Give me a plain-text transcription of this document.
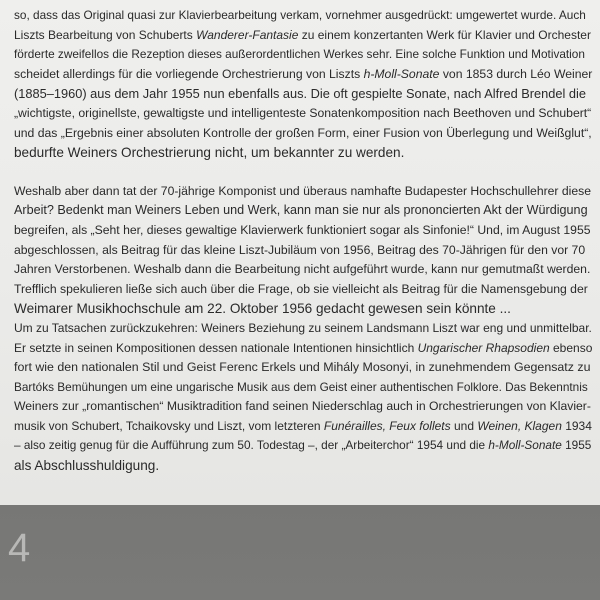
so, dass das Original quasi zur Klavierbearbeitung verkam, vornehmer ausgedrückt: umgewertet wurde. Auch
Liszts Bearbeitung von Schuberts Wanderer-Fantasie zu einem konzertanten Werk für Klavier und Orchester
förderte zweifellos die Rezeption dieses außerordentlichen Werkes sehr. Eine solche Funktion und Motivation
scheidet allerdings für die vorliegende Orchestrierung von Liszts h-Moll-Sonate von 1853 durch Léo Weiner
(1885–1960) aus dem Jahr 1955 nun ebenfalls aus. Die oft gespielte Sonate, nach Alfred Brendel die
„wichtigste, originellste, gewaltigste und intelligenteste Sonatenkomposition nach Beethoven und Schubert“
und das „Ergebnis einer absoluten Kontrolle der großen Form, einer Fusion von Überlegung und Weißglut“,
bedurfte Weiners Orchestrierung nicht, um bekannter zu werden.
Weshalb aber dann tat der 70-jährige Komponist und überaus namhafte Budapester Hochschullehrer diese
Arbeit? Bedenkt man Weiners Leben und Werk, kann man sie nur als prononcierten Akt der Würdigung
begreifen, als „Seht her, dieses gewaltige Klavierwerk funktioniert sogar als Sinfonie!“ Und, im August 1955
abgeschlossen, als Beitrag für das kleine Liszt-Jubiläum von 1956, Beitrag des 70-Jährigen für den vor 70
Jahren Verstorbenen. Weshalb dann die Bearbeitung nicht aufgeführt wurde, kann nur gemutmaßt werden.
Trefflich spekulieren ließe sich auch über die Frage, ob sie vielleicht als Beitrag für die Namensgebung der
Weimarer Musikhochschule am 22. Oktober 1956 gedacht gewesen sein könnte ...
Um zu Tatsachen zurückzukehren: Weiners Beziehung zu seinem Landsmann Liszt war eng und unmittelbar.
Er setzte in seinen Kompositionen dessen nationale Intentionen hinsichtlich Ungarischer Rhapsodien ebenso
fort wie den nationalen Stil und Geist Ferenc Erkels und Mihály Mosonyi, in zunehmendem Gegensatz zu
Bartóks Bemühungen um eine ungarische Musik aus dem Geist einer authentischen Folklore. Das Bekenntnis
Weiners zur „romantischen“ Musiktradition fand seinen Niederschlag auch in Orchestrierungen von Klavier-
musik von Schubert, Tchaikovsky und Liszt, vom letzteren Funérailles, Feux follets und Weinen, Klagen 1934
– also zeitig genug für die Aufführung zum 50. Todestag –, der „Arbeiterchor“ 1954 und die h-Moll-Sonate 1955
als Abschlusshuldigung.
4
